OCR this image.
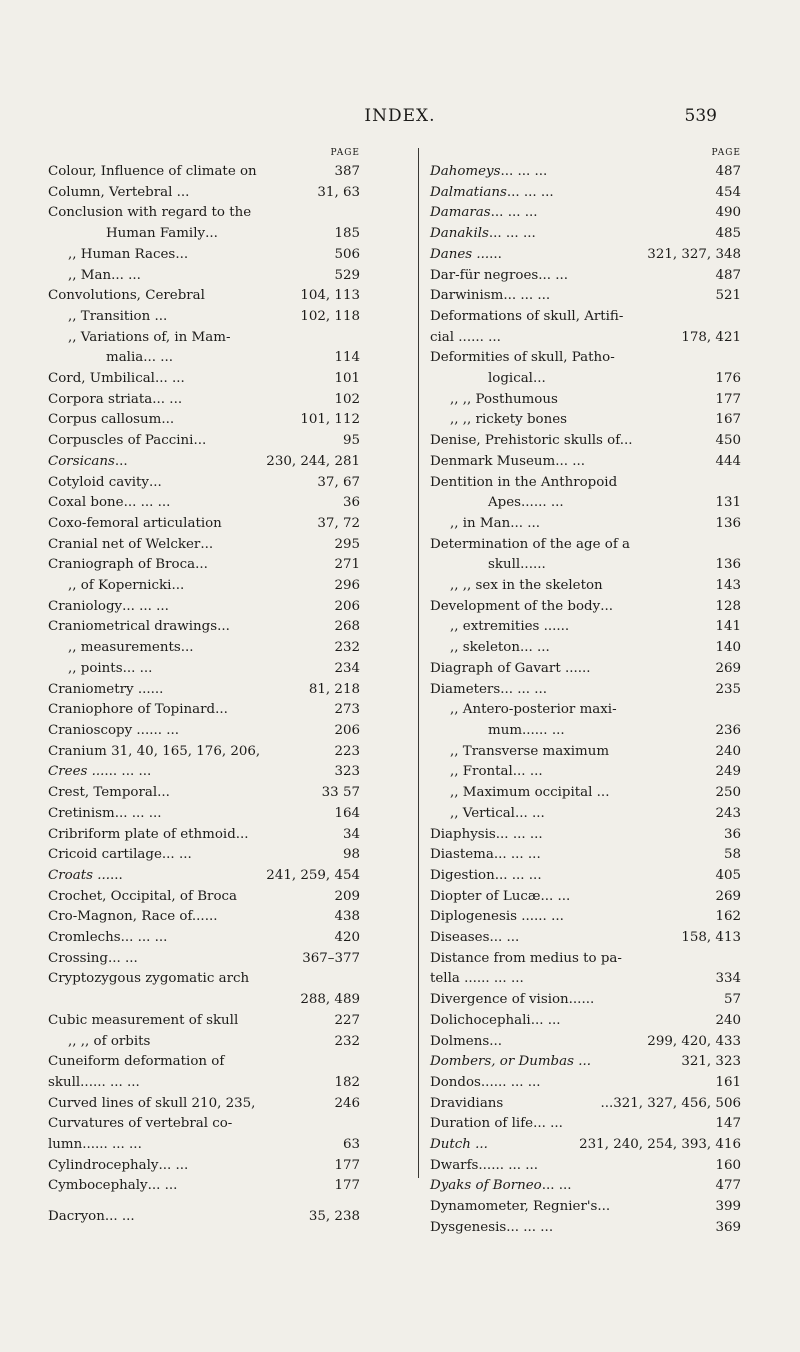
INDEX.	539
PAGE
Colour, Influence of climate on	387
Column, Vertebral ...	31, 63
Conclusion with regard to the
Human Family...	185
,, Human Races...	506
,, Man... ...	529
Convolutions, Cerebral	104, 113
,, Transition ...	102, 118
,, Variations of, in Mam-
malia... ...	114
Cord, Umbilical... ...	101
Corpora striata... ...	102
Corpus callosum...	101, 112
Corpuscles of Paccini...	95
Corsicans...	230, 244, 281
Cotyloid cavity...	37, 67
Coxal bone... ... ...	36
Coxo-femoral articulation	37, 72
Cranial net of Welcker...	295
Craniograph of Broca...	271
,, of Kopernicki...	296
Craniology... ... ...	206
Craniometrical drawings...	268
,, measurements...	232
,, points... ...	234
Craniometry ......	81, 218
Craniophore of Topinard...	273
Cranioscopy ...... ...	206
Cranium 31, 40, 165, 176, 206,	223
Crees ...... ... ...	323
Crest, Temporal...	33 57
Cretinism... ... ...	164
Cribriform plate of ethmoid...	34
Cricoid cartilage... ...	98
Croats ......	241, 259, 454
Crochet, Occipital, of Broca	209
Cro-Magnon, Race of......	438
Cromlechs... ... ...	420
Crossing... ...	367–377
Cryptozygous zygomatic arch
288, 489
Cubic measurement of skull	227
,, ,, of orbits	232
Cuneiform deformation of
skull...... ... ...	182
Curved lines of skull 210, 235,	246
Curvatures of vertebral co-
lumn...... ... ...	63
Cylindrocephaly... ...	177
Cymbocephaly... ...	177
Dacryon... ...	35, 238
PAGE
Dahomeys... ... ...	487
Dalmatians... ... ...	454
Damaras... ... ...	490
Danakils... ... ...	485
Danes ......	321, 327, 348
Dar-für negroes... ...	487
Darwinism... ... ...	521
Deformations of skull, Artifi-
cial ...... ...	178, 421
Deformities of skull, Patho-
logical...	176
,, ,, Posthumous	177
,, ,, rickety bones	167
Denise, Prehistoric skulls of...	450
Denmark Museum... ...	444
Dentition in the Anthropoid
Apes...... ...	131
,, in Man... ...	136
Determination of the age of a
skull......	136
,, ,, sex in the skeleton	143
Development of the body...	128
,, extremities ......	141
,, skeleton... ...	140
Diagraph of Gavart ......	269
Diameters... ... ...	235
,, Antero-posterior maxi-
mum...... ...	236
,, Transverse maximum	240
,, Frontal... ...	249
,, Maximum occipital ...	250
,, Vertical... ...	243
Diaphysis... ... ...	36
Diastema... ... ...	58
Digestion... ... ...	405
Diopter of Lucæ... ...	269
Diplogenesis ...... ...	162
Diseases... ...	158, 413
Distance from medius to pa-
tella ...... ... ...	334
Divergence of vision......	57
Dolichocephali... ...	240
Dolmens...	299, 420, 433
Dombers, or Dumbas ...	321, 323
Dondos...... ... ...	161
Dravidians	...321, 327, 456, 506
Duration of life... ...	147
Dutch ...	231, 240, 254, 393, 416
Dwarfs...... ... ...	160
Dyaks of Borneo... ...	477
Dynamometer, Regnier's...	399
Dysgenesis... ... ...	369
